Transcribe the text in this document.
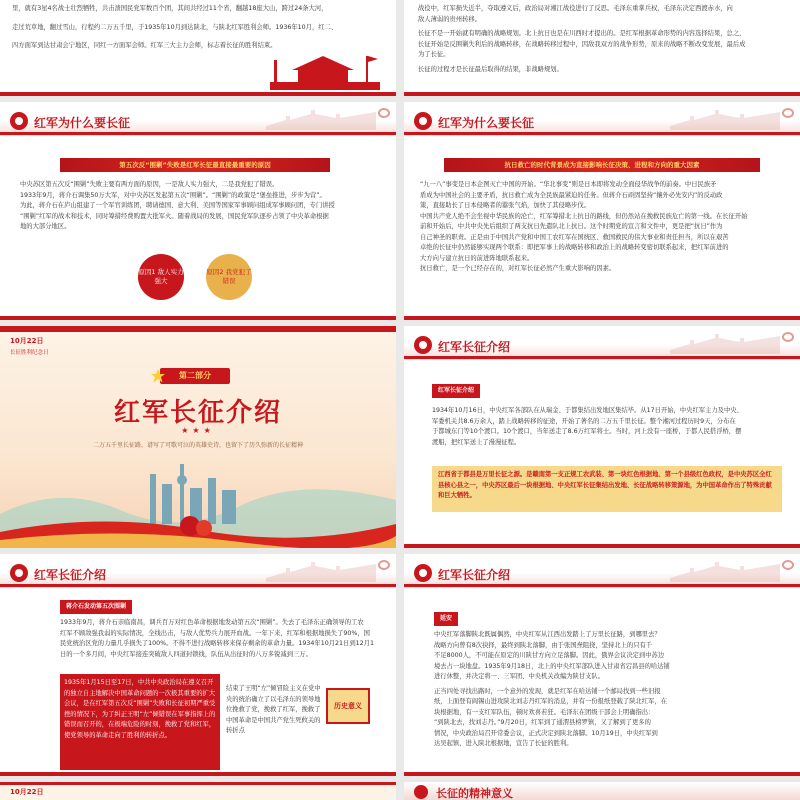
里，就有3星4名战士壮烈牺牲，共击溃国民党军数百个团，其间共经过11个省，翻越18座大山，跨过24条大河，
走过荒草地，翻过雪山，行程约二万五千里，于1935年10月到达陕北，与陕北红军胜利会师。1936年10月，红二、
四方面军到达甘肃会宁地区，同红一方面军会师。红军三大主力会师，标志着长征的胜利结束。
战役中，红军损失近半，夺取遵义后，政治局对湘江战役进行了反思。毛泽东重掌兵权，毛泽东决定西渡赤水，向
敌人薄弱的贵州转移。
长征不是一开始就有明确的战略规划。北上抗日也是在川西时才提出的。是红军根据革命形势的内容选择结果，总之，
长征开始是反围剿失利后的战略转移，在战略转移过程中，因敌我双方的战争形势，原来的战略不断改变发展，最后成
为了长征。
长征的过程才是长征最后取得的结果，非战略规划。
红军为什么要长征
第五次反“围剿”失败是红军长征最直接最重要的原因
中央苏区第五次反“围剿”失败主要有两方面的原因，一是敌人实力强大，二是我党犯了错误。
1933年9月，蒋介石调集50万大军，对中央苏区发起第五次“围剿”。“围剿”的政策是“堡垒推进，步步为营”。
为此，蒋介石在庐山组建了一个军官训练团，聘请德国、意大利、美国等国家军事顾问组成军事顾问团，专门讲授
“围剿”红军的战术和技术，同时筹措经费购置大批军火。随着战局的发展，国民党军队逐步占领了中央革命根据
地的大部分地区。
原因1 敌人实力 强大
原因2 我党犯了 错误
红军为什么要长征
抗日救亡的时代背景成为直接影响长征决策、进程和方向的重大因素
“九一八”事变是日本企图灭亡中国的开始。“华北事变”则是日本即将发动全面侵华战争的前奏。中日民族矛
盾成为中国社会的主要矛盾，抗日救亡成为全民族最紧迫的任务。但蒋介石顽固坚持“攘外必先安内”的反动政
策，直接助长了日本侵略者的嚣张气焰，加快了其侵略步伐。
中国共产党人绝不会坐视中华民族的沦亡，红军筹措北上抗日的路线，但仍然站在挽救民族危亡的第一线。在长征开始
前和开始后，中共中央先后组织了两支抗日先遣队北上抗日。这个时期党的宣言和文件中，更是把“抗日”作为
自己神圣的职责。正是由于中国共产党和中国工农红军在国统区、救国救民的伟大事业和责任担当，所以在艰苦
卓绝的长征中仍然能够实现两个联系：即把军事上的战略转移和政治上的战略转变密切联系起来，把红军前进的
大方向与建立抗日的前进阵地联系起来。
抗日救亡，是一个已经存在的，对红军长征必然产生重大影响的因素。
10月22日
长征胜利纪念日
第二部分
红军长征介绍
★★★
二万五千里长征路，谱写了可歌可泣的英雄史诗，也留下了历久弥新的长征精神
红军长征介绍
红军长征介绍
1934年10月16日，中央红军各部队在从瑞金、于都集结出发地区集结毕。从17日开始，中央红军主力及中央、
军委机关共8.6万余人，踏上战略转移的征途，开始了著名的二万五千里长征。整个湘河过程历时9天，分布在
于都城东门等10个渡口。10个渡口，当年送走了8.6万红军将士。当时，河上没有一座桥，于都人民搭浮桥，摆
渡船，把红军送上了漫漫征程。
江西省于都县是万里长征之源。是赣南第一支正规工农武装、第一块红色根据地、第一个县级红色政权，是中央苏区全红县核心县之一，中央苏区最后一块根据地、中央红军长征集结出发地、长征战略转移策源地，为中国革命作出了特殊贡献和巨大牺牲。
红军长征介绍
蒋介石发动第五次围剿
1933年9月，蒋介石亲临南昌，调兵百万对红色革命根据地发动第五次“围剿”。失去了毛泽东正确领导的工农
红军不顾敌强我弱的实际情况，全线出击，与敌人优势兵力展开血战。一年下来，红军和根据地损失了90%，国
民党统治区党的力量几乎损失了100%。不得不进行战略转移来保存剩余的革命力量。1934年10月21日到12月1
日的一个多月间，中央红军接连突破敌人四道封锁线，队伍从出征时的八万多锐减到三万。
1935年1月15日至17日，中共中央政治局在遵义召开的独立自主地解决中国革命问题的一次极其重要的扩大会议，是在红军第五次反“围剿”失败和长征初期严重受挫的情况下，为了纠正王明“左”倾错误在军事指挥上的错误而召开的，在极端危险的时刻，挽救了党和红军，使党领导的革命走向了胜利的转折点。
结束了王明“左”倾冒险主义在党中央的统治确立了以毛泽东的领导地位挽救了党，挽救了红军，挽救了中国革命是中国共产党生死攸关的转折点
历史意义
红军长征介绍
延安
中央红军落脚陕北既属偶然，中央红军从江西出发踏上了万里长征路，到哪里去？
战略方向曾有8次抉择，最终到陕北落脚，由于张国焘阻挠，坚持北上的只有千
不足8000人，不可能在原定的川陕甘方向立足落脚。因此，俄界会议决定到中苏边
境去占一块地盘。1935年9月18日，北上的中央红军部队进入甘肃省宕昌县的哈达铺
进行休整，并决定将一、三军团、中央机关改编为陕甘支队。
正当四处寻找出路时，一个意外的发现，就是红军在哈达铺一个邮局找到一些旧报
纸，上面登有阎锡山进攻陕北刘志丹红军的消息，并有一份报纸登载了陕北红军，在
块根据地，有一支红军队伍，顿时欢喜若狂。毛泽东在团级干部会上明确指出：
“到陕北去，找刘志丹。”9月20日，红军到了通渭县榜罗镇，又了解到了更多的
情况，中央政治局召开常委会议，正式决定到陕北落脚。10月19日，中央红军到
达吴起镇，进入陕北根据地，宣告了长征的胜利。
10月22日	长征的精神意义
